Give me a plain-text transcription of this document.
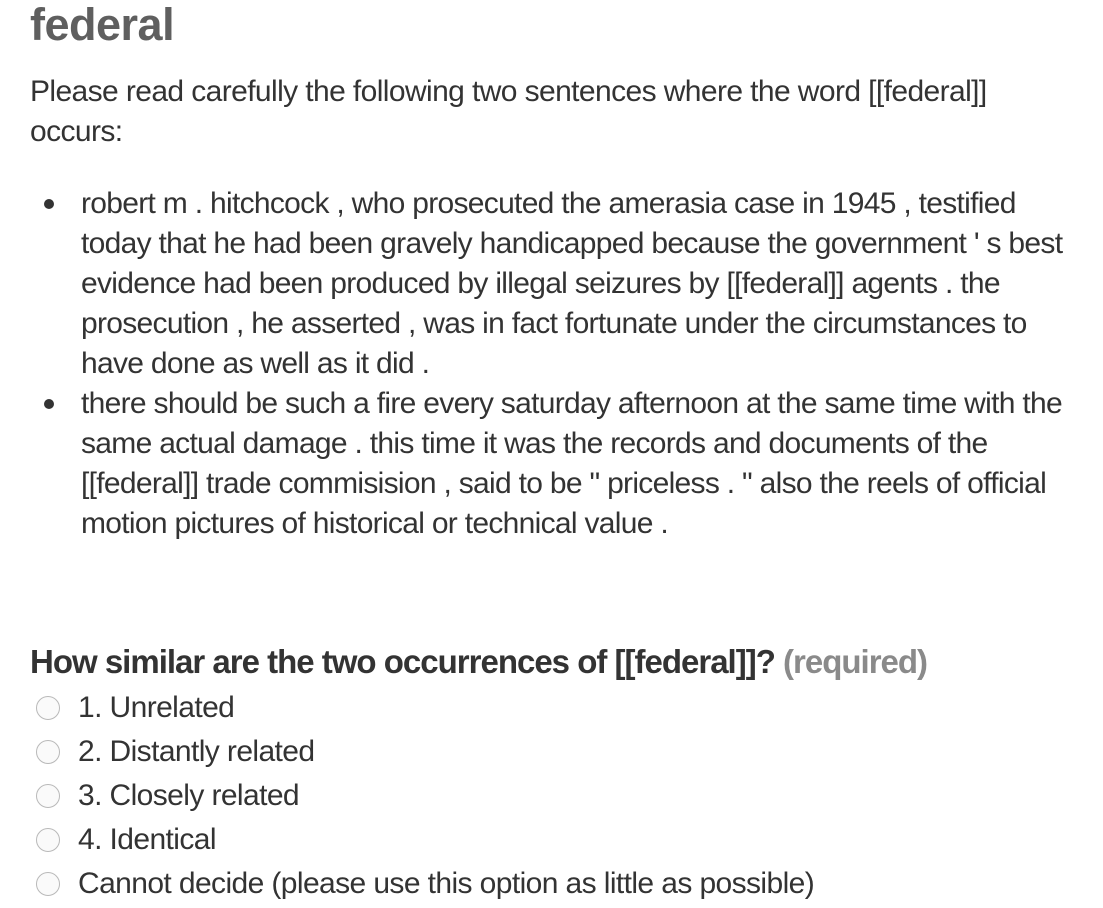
federal

Please read carefully the following two sentences where the word [[federal]] occurs:

robert m . hitchcock , who prosecuted the amerasia case in 1945 , testified today that he had been gravely handicapped because the government ' s best evidence had been produced by illegal seizures by [[federal]] agents . the prosecution , he asserted , was in fact fortunate under the circumstances to have done as well as it did .
there should be such a fire every saturday afternoon at the same time with the same actual damage . this time it was the records and documents of the [[federal]] trade commisision , said to be " priceless . " also the reels of official motion pictures of historical or technical value .
How similar are the two occurrences of [[federal]]? (required)
1. Unrelated
2. Distantly related
3. Closely related
4. Identical
Cannot decide (please use this option as little as possible)
